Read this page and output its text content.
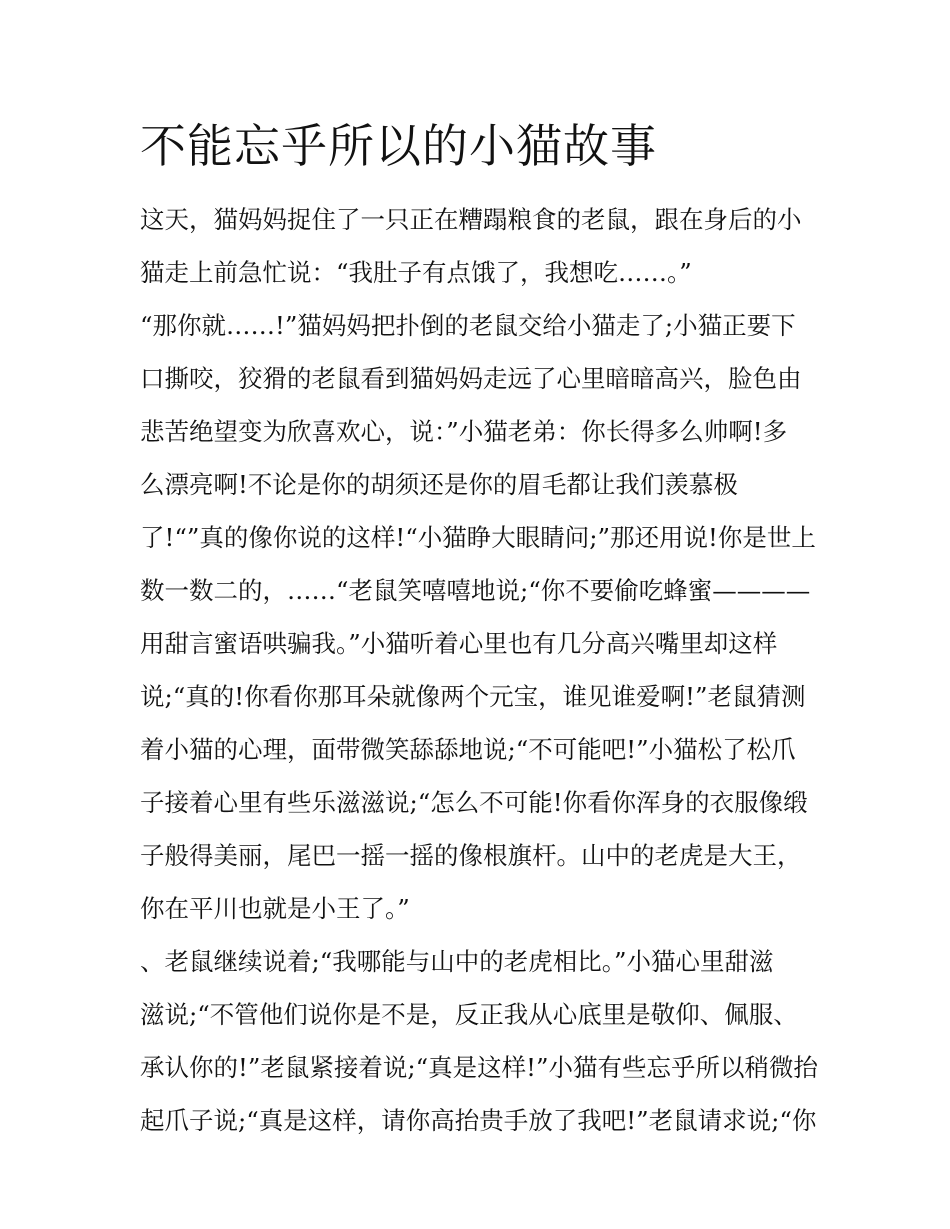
不能忘乎所以的小猫故事
这天，猫妈妈捉住了一只正在糟蹋粮食的老鼠，跟在身后的小
猫走上前急忙说：“我肚子有点饿了，我想吃……。”
“那你就……!”猫妈妈把扑倒的老鼠交给小猫走了;小猫正要下
口撕咬，狡猾的老鼠看到猫妈妈走远了心里暗暗高兴，脸色由
悲苦绝望变为欣喜欢心，说：”小猫老弟：你长得多么帅啊!多
么漂亮啊!不论是你的胡须还是你的眉毛都让我们羡慕极
了!“”真的像你说的这样!“小猫睁大眼睛问;”那还用说!你是世上
数一数二的，……“老鼠笑嘻嘻地说;“你不要偷吃蜂蜜————
用甜言蜜语哄骗我。”小猫听着心里也有几分高兴嘴里却这样
说;“真的!你看你那耳朵就像两个元宝，谁见谁爱啊!”老鼠猜测
着小猫的心理，面带微笑舔舔地说;“不可能吧!”小猫松了松爪
子接着心里有些乐滋滋说;“怎么不可能!你看你浑身的衣服像缎
子般得美丽，尾巴一摇一摇的像根旗杆。山中的老虎是大王，
你在平川也就是小王了。”
、老鼠继续说着;“我哪能与山中的老虎相比。”小猫心里甜滋
滋说;“不管他们说你是不是，反正我从心底里是敬仰、佩服、
承认你的!”老鼠紧接着说;“真是这样!”小猫有些忘乎所以稍微抬
起爪子说;“真是这样，请你高抬贵手放了我吧!”老鼠请求说;“你
